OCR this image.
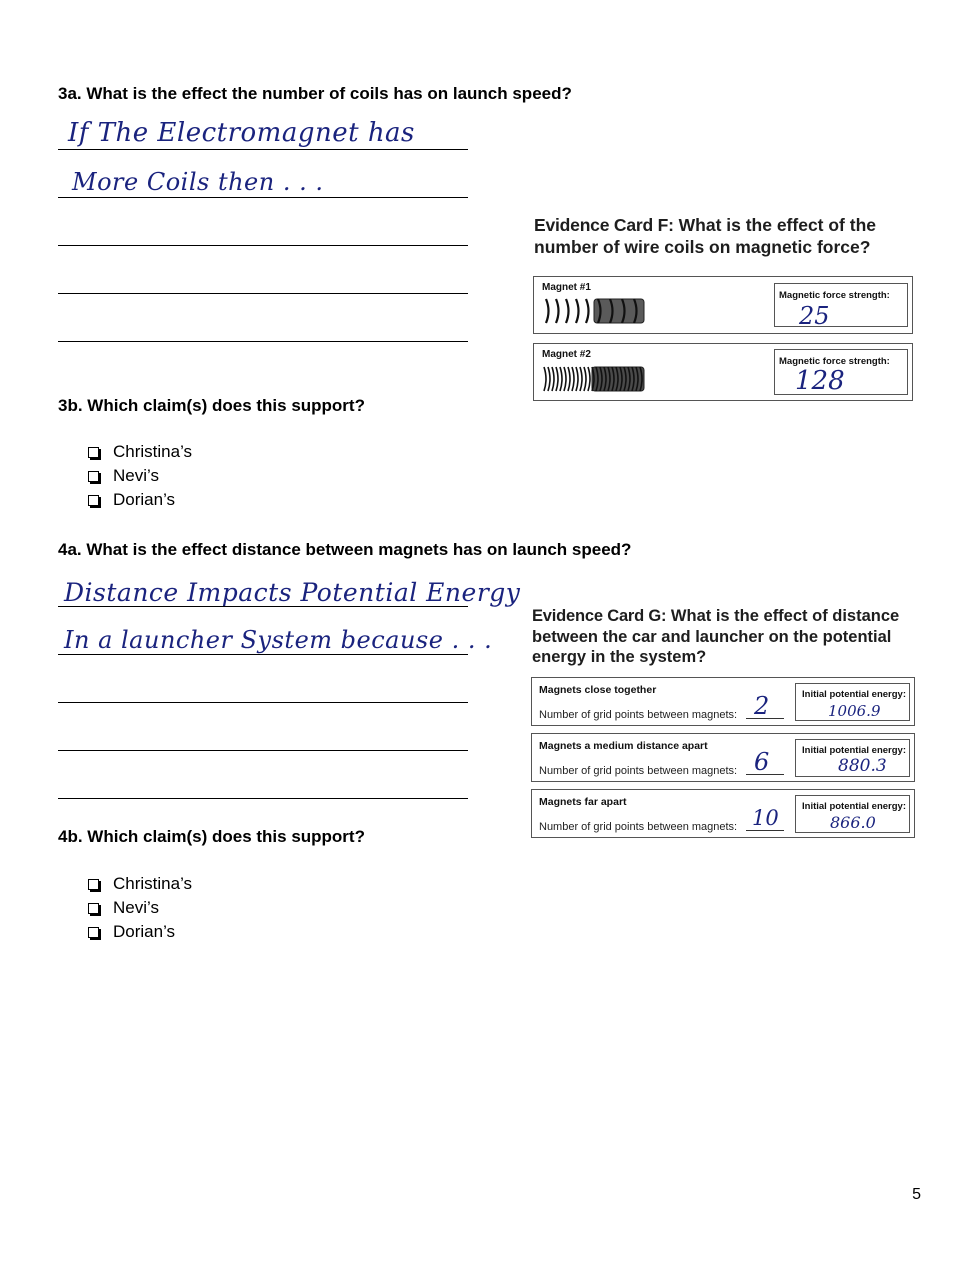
3a. What is the effect the number of coils has on launch speed?
If The Electromagnet has
More Coils then . . .
3b. Which claim(s) does this support?
Christina’s
Nevi’s
Dorian’s
Evidence Card F: What is the effect of the number of wire coils on magnetic force?
Magnet #1
Magnetic force strength:
25
Magnet #2
Magnetic force strength:
128
4a. What is the effect distance between magnets has on launch speed?
Distance Impacts Potential Energy
In a launcher System because . . .
4b. Which claim(s) does this support?
Christina’s
Nevi’s
Dorian’s
Evidence Card G: What is the effect of distance between the car and launcher on the potential energy in the system?
Magnets close together
Number of grid points between magnets: 2	Initial potential energy:
1006.9
Magnets a medium distance apart
Number of grid points between magnets: 6	Initial potential energy:
880.3
Magnets far apart
Number of grid points between magnets: 10 Initial potential energy:
866.0
5
